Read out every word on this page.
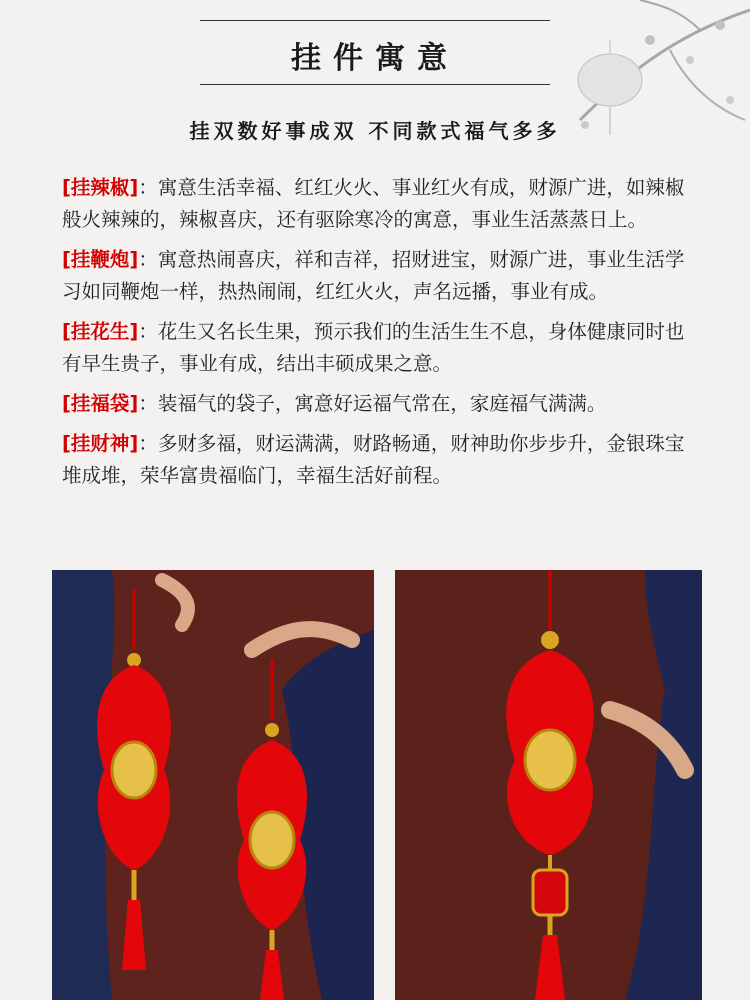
挂件寓意
挂双数好事成双 不同款式福气多多
[挂辣椒]：寓意生活幸福、红红火火、事业红火有成，财源广进，如辣椒般火辣辣的，辣椒喜庆，还有驱除寒冷的寓意，事业生活蒸蒸日上。
[挂鞭炮]：寓意热闹喜庆，祥和吉祥，招财进宝，财源广进，事业生活学习如同鞭炮一样，热热闹闹，红红火火，声名远播，事业有成。
[挂花生]：花生又名长生果，预示我们的生活生生不息，身体健康同时也有早生贵子，事业有成，结出丰硕成果之意。
[挂福袋]：装福气的袋子，寓意好运福气常在，家庭福气满满。
[挂财神]：多财多福，财运满满，财路畅通，财神助你步步升，金银珠宝堆成堆，荣华富贵福临门，幸福生活好前程。
